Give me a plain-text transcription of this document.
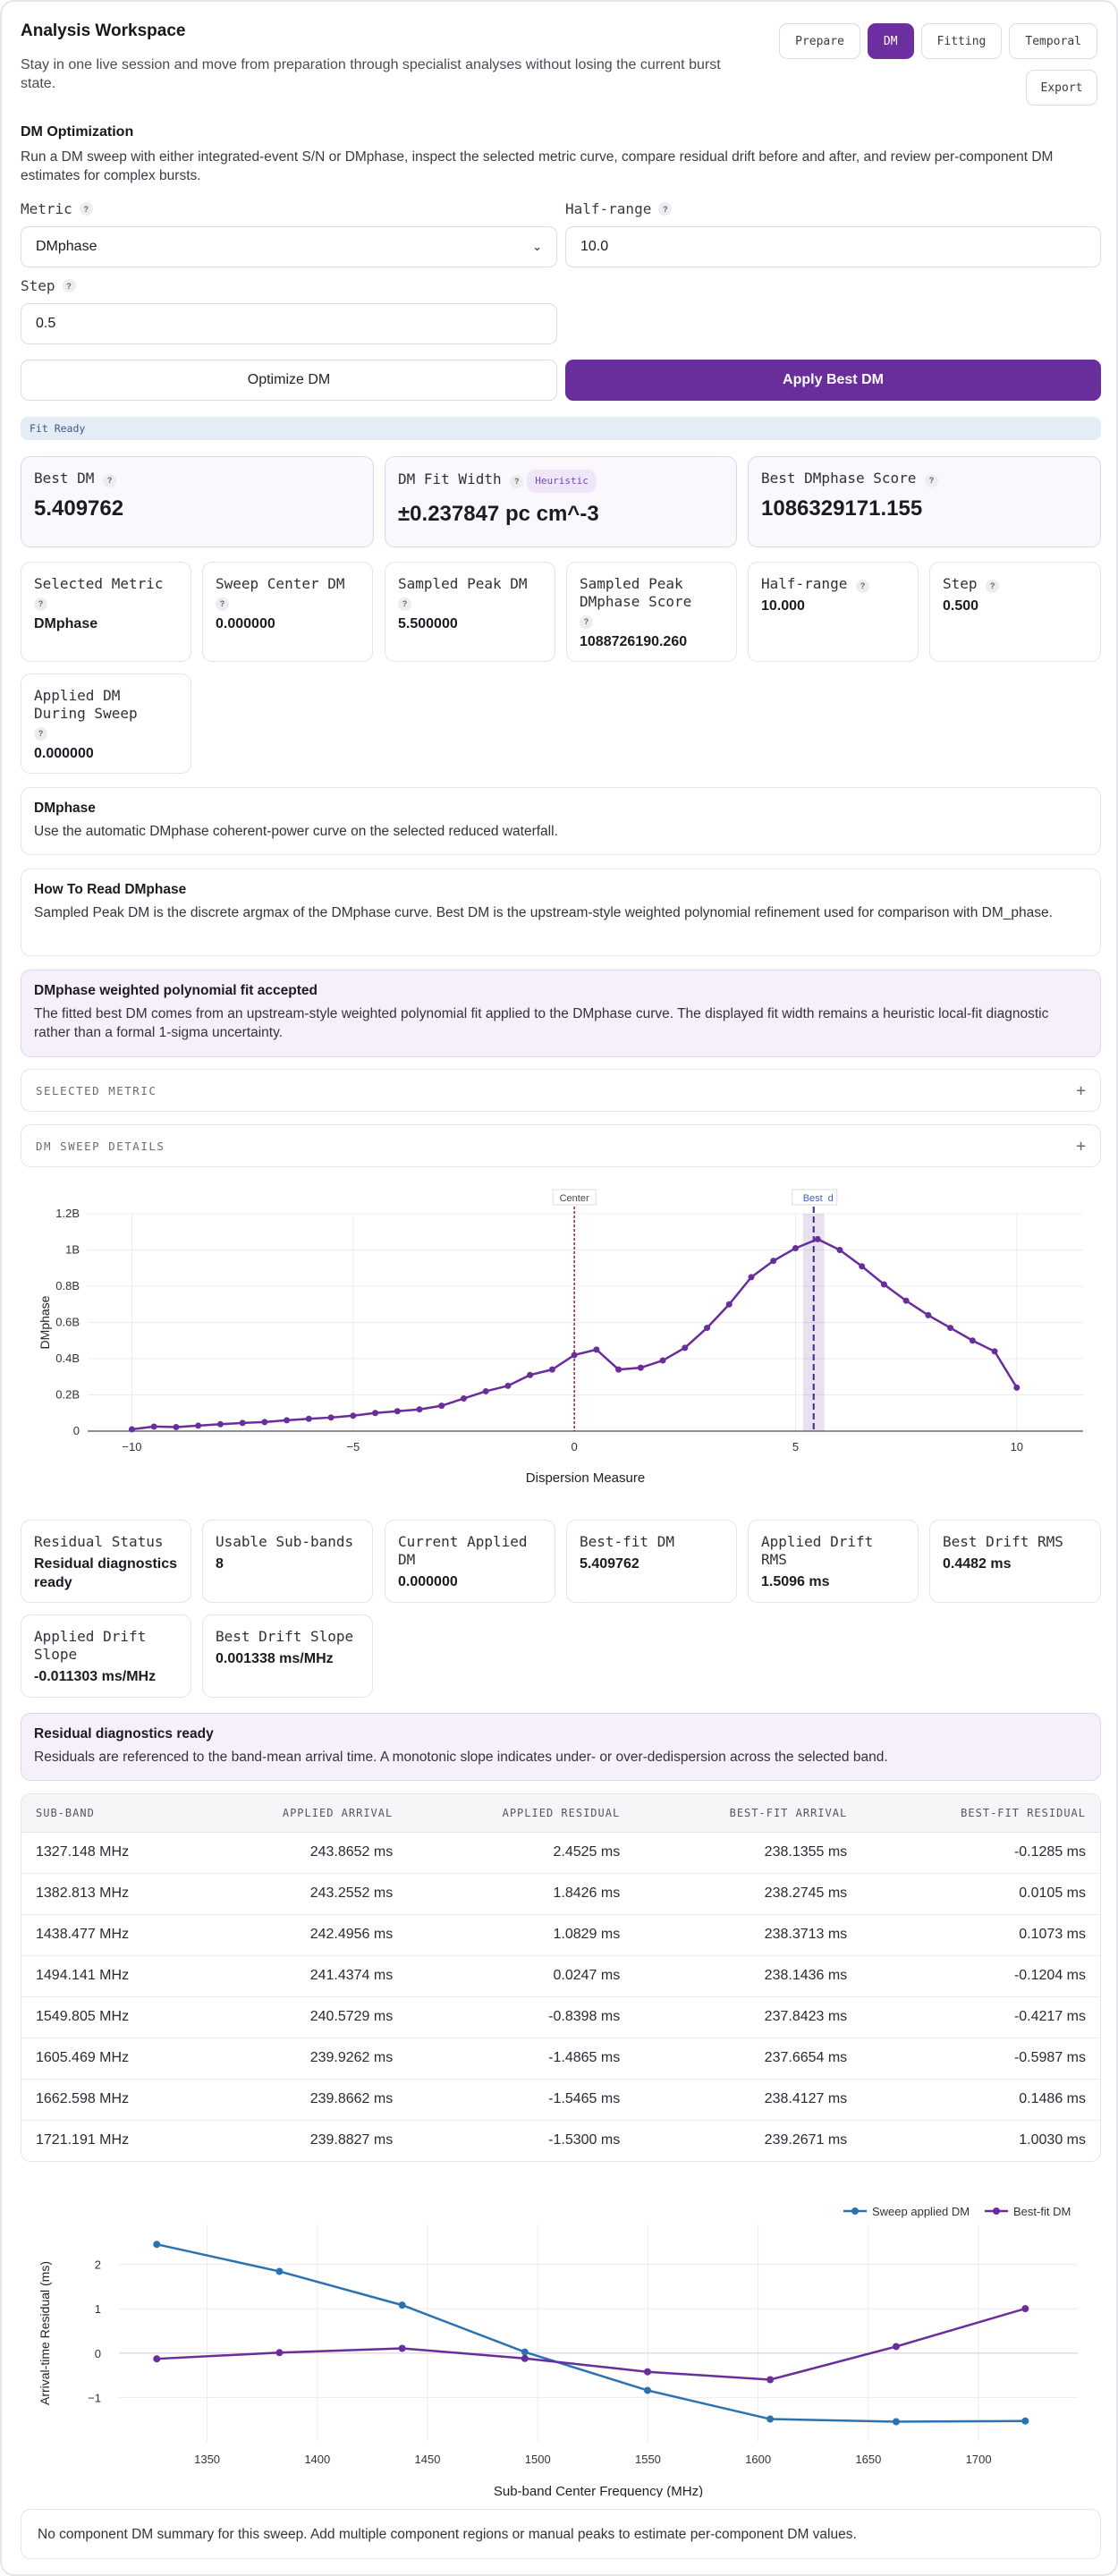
Analysis Workspace
Stay in one live session and move from preparation through specialist analyses without losing the current burst state.
Prepare	DM	Fitting	Temporal
Export
DM Optimization
Run a DM sweep with either integrated-event S/N or DMphase, inspect the selected metric curve, compare residual drift before and after, and review per-component DM estimates for complex bursts.
Metric	?
DMphase	⌄
Half-range	?
10.0
Step	?
0.5
Optimize DM	Apply Best DM
Fit Ready
Best DM ?
5.409762
DM Fit Width ? Heuristic
±0.237847 pc cm^-3
Best DMphase Score ?
1086329171.155
Selected Metric
?
DMphase
Sweep Center DM
?
0.000000
Sampled Peak DM
?
5.500000
Sampled Peak DMphase Score
?
1088726190.260
Half-range ?
10.000
Step ?
0.500
Applied DM During Sweep
?
0.000000
DMphase
Use the automatic DMphase coherent-power curve on the selected reduced waterfall.
How To Read DMphase
Sampled Peak DM is the discrete argmax of the DMphase curve. Best DM is the upstream-style weighted polynomial refinement used for comparison with DM_phase.
DMphase weighted polynomial fit accepted
The fitted best DM comes from an upstream-style weighted polynomial fit applied to the DMphase curve. The displayed fit width remains a heuristic local-fit diagnostic rather than a formal 1-sigma uncertainty.
SELECTED METRIC	+
DM SWEEP DETAILS	+
−10	−5	0	5	10
0
0.2B
0.4B
0.6B
0.8B
1B
1.2B
Dispersion Measure
DMphase
Center	Best d
Residual Status
Residual diagnostics ready
Usable Sub-bands
8
Current Applied DM
0.000000
Best-fit DM
5.409762
Applied Drift RMS
1.5096 ms
Best Drift RMS
0.4482 ms
Applied Drift Slope
-0.011303 ms/MHz
Best Drift Slope
0.001338 ms/MHz
Residual diagnostics ready
Residuals are referenced to the band-mean arrival time. A monotonic slope indicates under- or over-dedispersion across the selected band.
SUB-BAND	APPLIED ARRIVAL	APPLIED RESIDUAL	BEST-FIT ARRIVAL	BEST-FIT RESIDUAL
1327.148 MHz	243.8652 ms	2.4525 ms	238.1355 ms	-0.1285 ms
1382.813 MHz	243.2552 ms	1.8426 ms	238.2745 ms	0.0105 ms
1438.477 MHz	242.4956 ms	1.0829 ms	238.3713 ms	0.1073 ms
1494.141 MHz	241.4374 ms	0.0247 ms	238.1436 ms	-0.1204 ms
1549.805 MHz	240.5729 ms	-0.8398 ms	237.8423 ms	-0.4217 ms
1605.469 MHz	239.9262 ms	-1.4865 ms	237.6654 ms	-0.5987 ms
1662.598 MHz	239.8662 ms	-1.5465 ms	238.4127 ms	0.1486 ms
1721.191 MHz	239.8827 ms	-1.5300 ms	239.2671 ms	1.0030 ms
1350	1400	1450	1500	1550	1600	1650	1700
−1
0
1
2
Sub-band Center Frequency (MHz)
Arrival-time Residual (ms)
Sweep applied DM	Best-fit DM
No component DM summary for this sweep. Add multiple component regions or manual peaks to estimate per-component DM values.
